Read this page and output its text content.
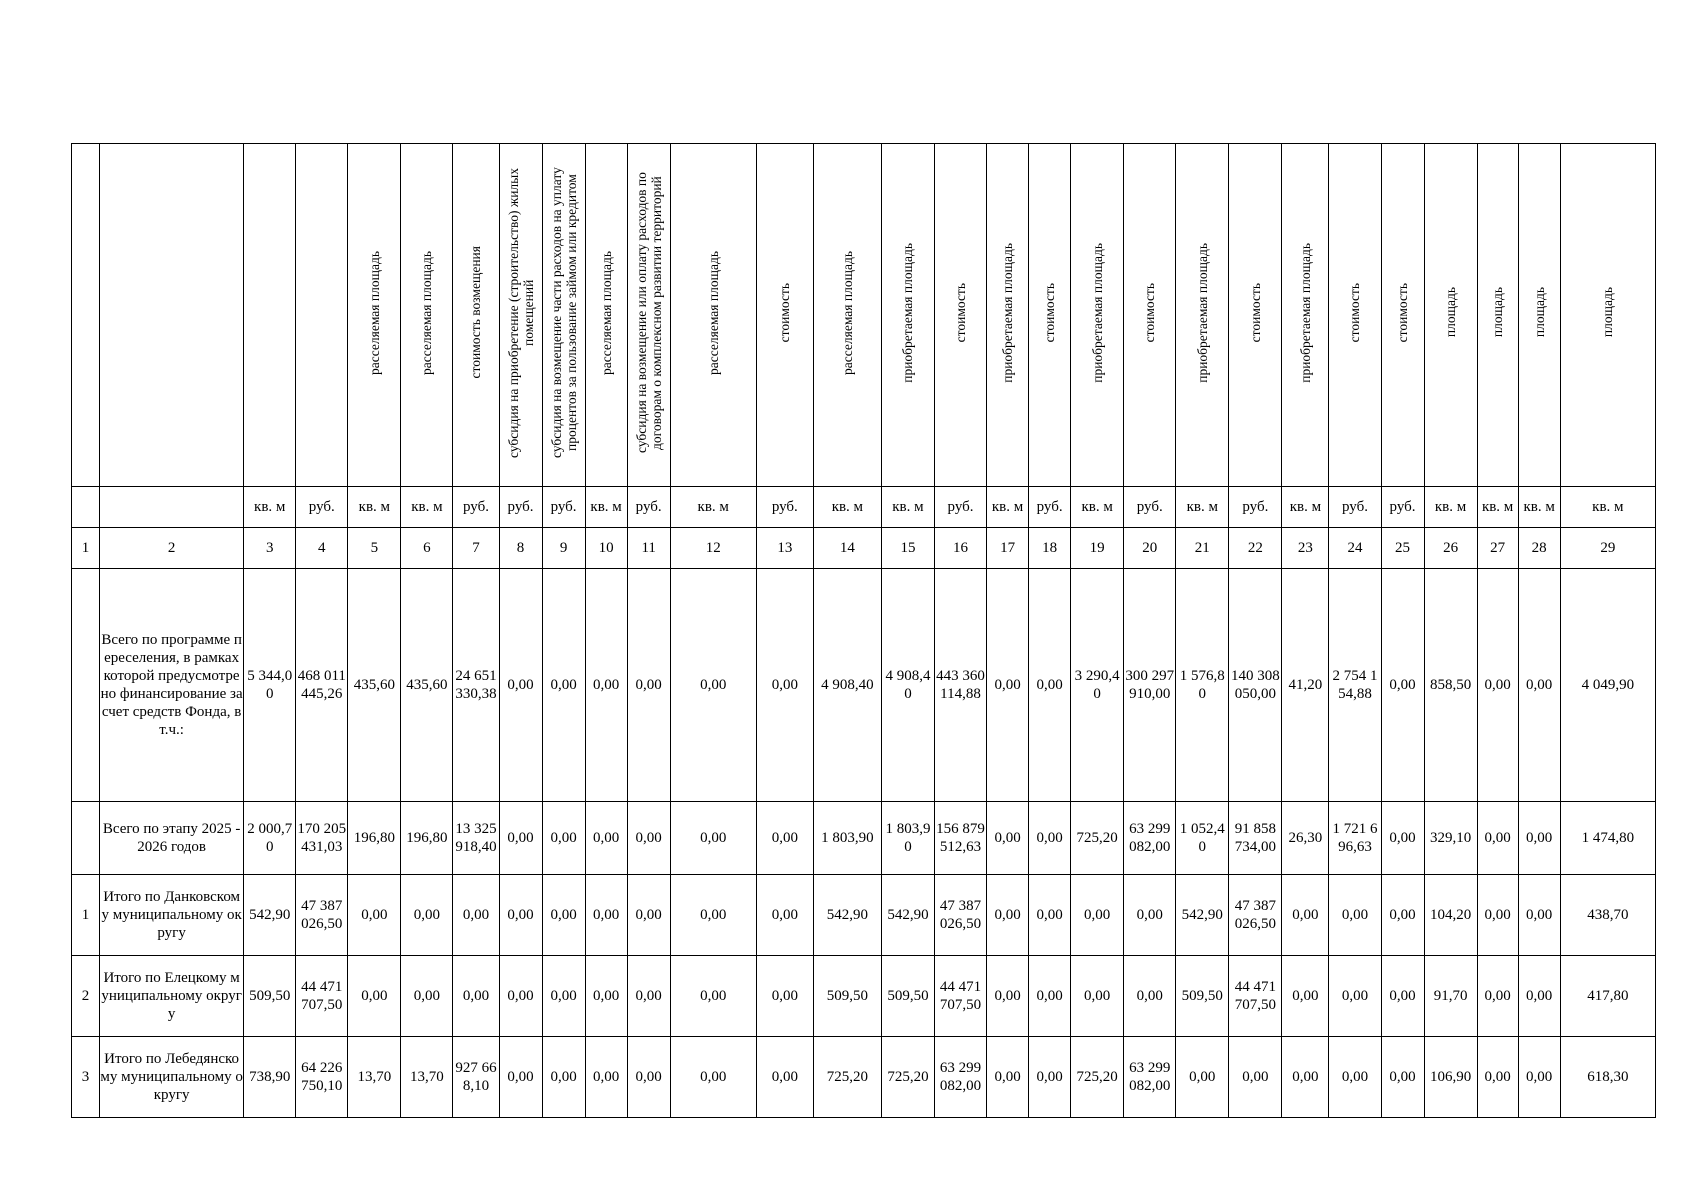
				расселяемая площадь	расселяемая площадь	стоимость возмещения	субсидия на приобретение (строительство) жилых помещений	субсидия на возмещение части расходов на уплату процентов за пользование займом или кредитом	расселяемая площадь	субсидия на возмещение или оплату расходов по договорам о комплексном развитии территорий	расселяемая площадь	стоимость	расселяемая площадь	приобретаемая площадь	стоимость	приобретаемая площадь	стоимость	приобретаемая площадь	стоимость	приобретаемая площадь	стоимость	приобретаемая площадь	стоимость	стоимость	площадь	площадь	площадь	площадь
		кв. м	руб.	кв. м	кв. м	руб.	руб.	руб.	кв. м	руб.	кв. м	руб.	кв. м	кв. м	руб.	кв. м	руб.	кв. м	руб.	кв. м	руб.	кв. м	руб.	руб.	кв. м	кв. м	кв. м	кв. м
1	2	3	4	5	6	7	8	9	10	11	12	13	14	15	16	17	18	19	20	21	22	23	24	25	26	27	28	29
	Всего по программе переселения, в рамках которой предусмотрено финансирование за счет средств Фонда, в т.ч.:	5 344,00	468 011 445,26	435,60	435,60	24 651 330,38	0,00	0,00	0,00	0,00	0,00	0,00	4 908,40	4 908,40	443 360 114,88	0,00	0,00	3 290,40	300 297 910,00	1 576,80	140 308 050,00	41,20	2 754 154,88	0,00	858,50	0,00	0,00	4 049,90
	Всего по этапу 2025 - 2026 годов	2 000,70	170 205 431,03	196,80	196,80	13 325 918,40	0,00	0,00	0,00	0,00	0,00	0,00	1 803,90	1 803,90	156 879 512,63	0,00	0,00	725,20	63 299 082,00	1 052,40	91 858 734,00	26,30	1 721 696,63	0,00	329,10	0,00	0,00	1 474,80
1	Итого по Данковскому муниципальному округу	542,90	47 387 026,50	0,00	0,00	0,00	0,00	0,00	0,00	0,00	0,00	0,00	542,90	542,90	47 387 026,50	0,00	0,00	0,00	0,00	542,90	47 387 026,50	0,00	0,00	0,00	104,20	0,00	0,00	438,70
2	Итого по Елецкому муниципальному округу	509,50	44 471 707,50	0,00	0,00	0,00	0,00	0,00	0,00	0,00	0,00	0,00	509,50	509,50	44 471 707,50	0,00	0,00	0,00	0,00	509,50	44 471 707,50	0,00	0,00	0,00	91,70	0,00	0,00	417,80
3	Итого по Лебедянскому муниципальному округу	738,90	64 226 750,10	13,70	13,70	927 668,10	0,00	0,00	0,00	0,00	0,00	0,00	725,20	725,20	63 299 082,00	0,00	0,00	725,20	63 299 082,00	0,00	0,00	0,00	0,00	0,00	106,90	0,00	0,00	618,30
